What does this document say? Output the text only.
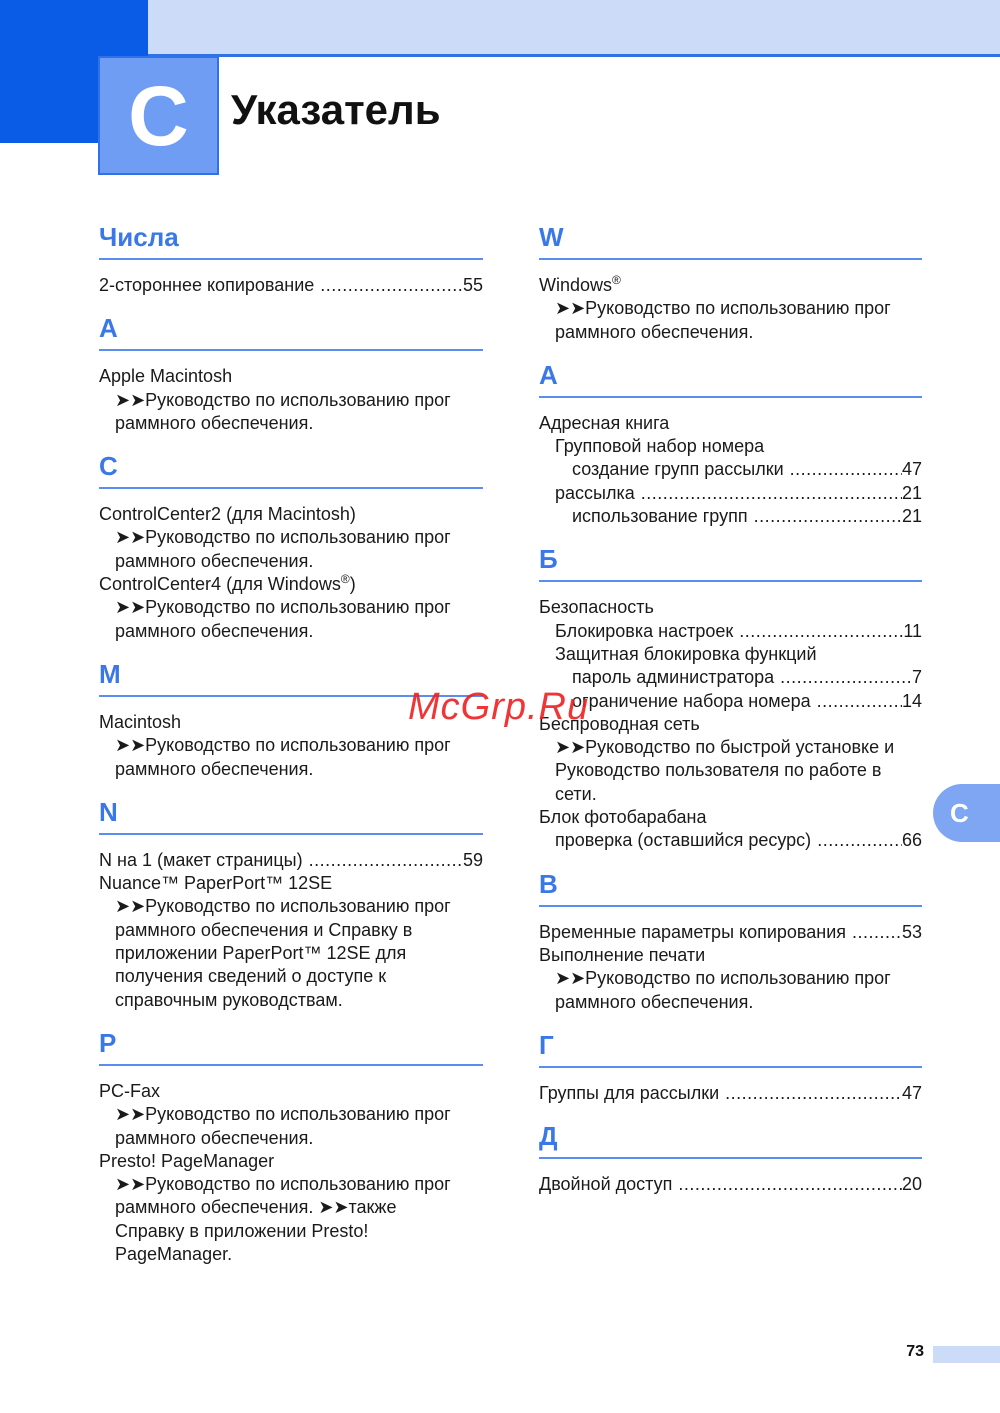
C	Указатель
Числа
2-стороннее копирование .....	55
A
Apple Macintosh
➤➤Руководство по использованию прог
раммного обеспечения.
C
ControlCenter2 (для Macintosh)
➤➤Руководство по использованию прог
раммного обеспечения.
ControlCenter4 (для Windows®)
➤➤Руководство по использованию прог
раммного обеспечения.
M
Macintosh
➤➤Руководство по использованию прог
раммного обеспечения.
N
N на 1 (макет страницы) .....	59
Nuance™ PaperPort™ 12SE
➤➤Руководство по использованию прог
раммного обеспечения и Справку в
приложении PaperPort™ 12SE для
получения сведений о доступе к
справочным руководствам.
P
PC-Fax
➤➤Руководство по использованию прог
раммного обеспечения.
Presto! PageManager
➤➤Руководство по использованию прог
раммного обеспечения. ➤➤также
Справку в приложении Presto!
PageManager.
W
Windows®
➤➤Руководство по использованию прог
раммного обеспечения.
А
Адресная книга
Групповой набор номера
создание групп рассылки .....	47
рассылка .....	21
использование групп .....	21
Б
Безопасность
Блокировка настроек .....	11
Защитная блокировка функций
пароль администратора .....	7
ограничение набора номера .....	14
Беспроводная сеть
➤➤Руководство по быстрой установке и
Руководство пользователя по работе в
сети.
Блок фотобарабана
проверка (оставшийся ресурс) .....	66
В
Временные параметры копирования .....	53
Выполнение печати
➤➤Руководство по использованию прог
раммного обеспечения.
Г
Группы для рассылки .....	47
Д
Двойной доступ .....	20
C
73
McGrp.Ru
